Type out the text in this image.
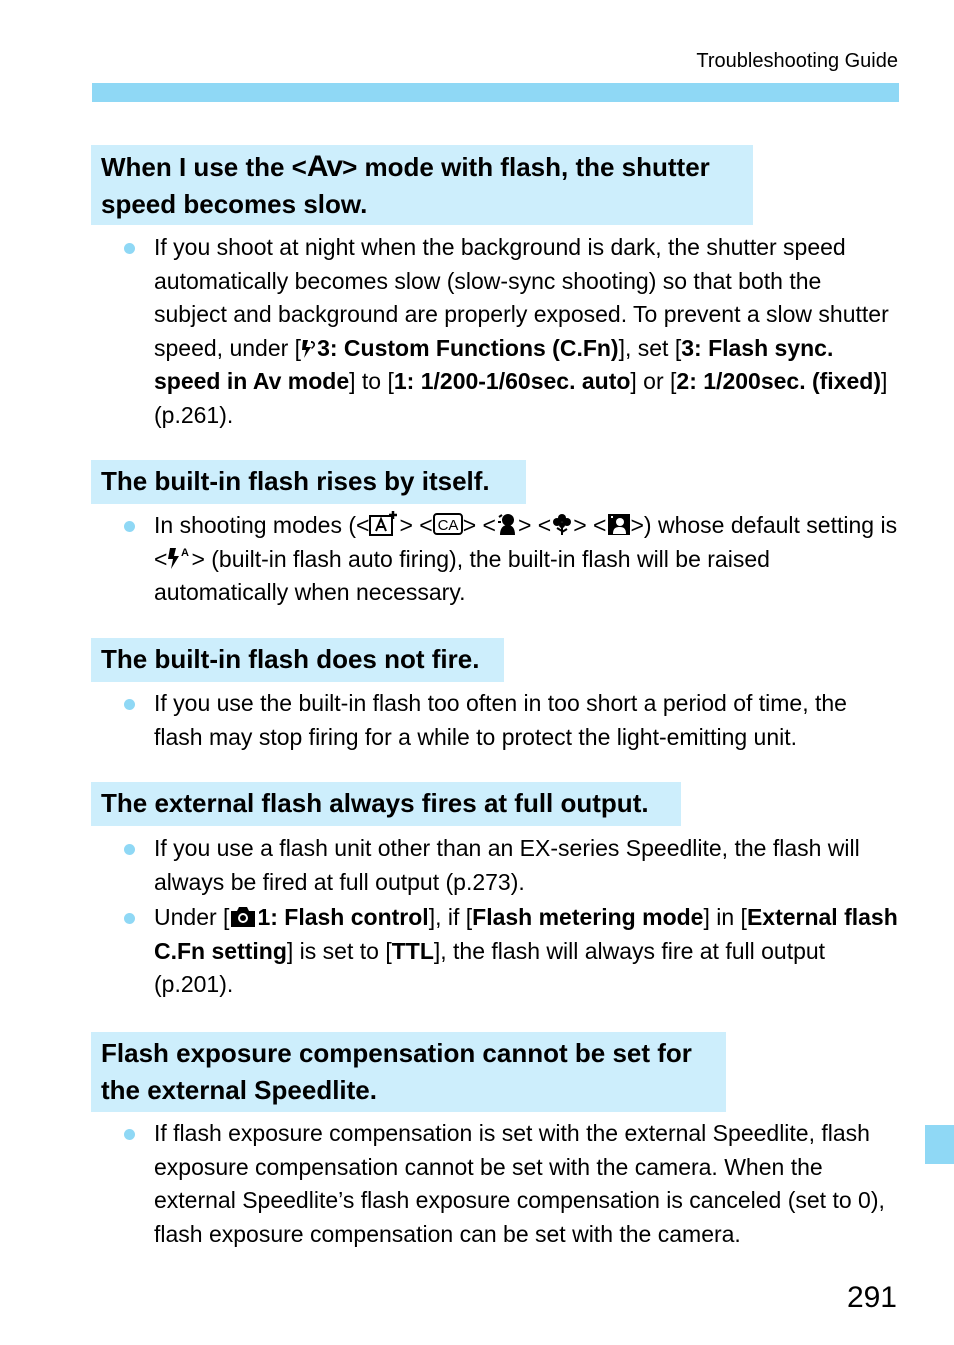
Troubleshooting Guide
When I use the <Av> mode with flash, the shutter
speed becomes slow.
If you shoot at night when the background is dark, the shutter speed automatically becomes slow (slow-sync shooting) so that both the subject and background are properly exposed. To prevent a slow shutter speed, under [ 3: Custom Functions (C.Fn)], set [3: Flash sync. speed in Av mode] to [1: 1/200-1/60sec. auto] or [2: 1/200sec. (fixed)] (p.261).
The built-in flash rises by itself.
In shooting modes (< > < CA > < > < > < >) whose default setting is < A > (built-in flash auto firing), the built-in flash will be raised automatically when necessary.
The built-in flash does not fire.
If you use the built-in flash too often in too short a period of time, the flash may stop firing for a while to protect the light-emitting unit.
The external flash always fires at full output.
If you use a flash unit other than an EX-series Speedlite, the flash will always be fired at full output (p.273).
Under [ 1: Flash control], if [Flash metering mode] in [External flash C.Fn setting] is set to [TTL], the flash will always fire at full output (p.201).
Flash exposure compensation cannot be set for
the external Speedlite.
If flash exposure compensation is set with the external Speedlite, flash exposure compensation cannot be set with the camera. When the external Speedlite’s flash exposure compensation is canceled (set to 0), flash exposure compensation can be set with the camera.
291
